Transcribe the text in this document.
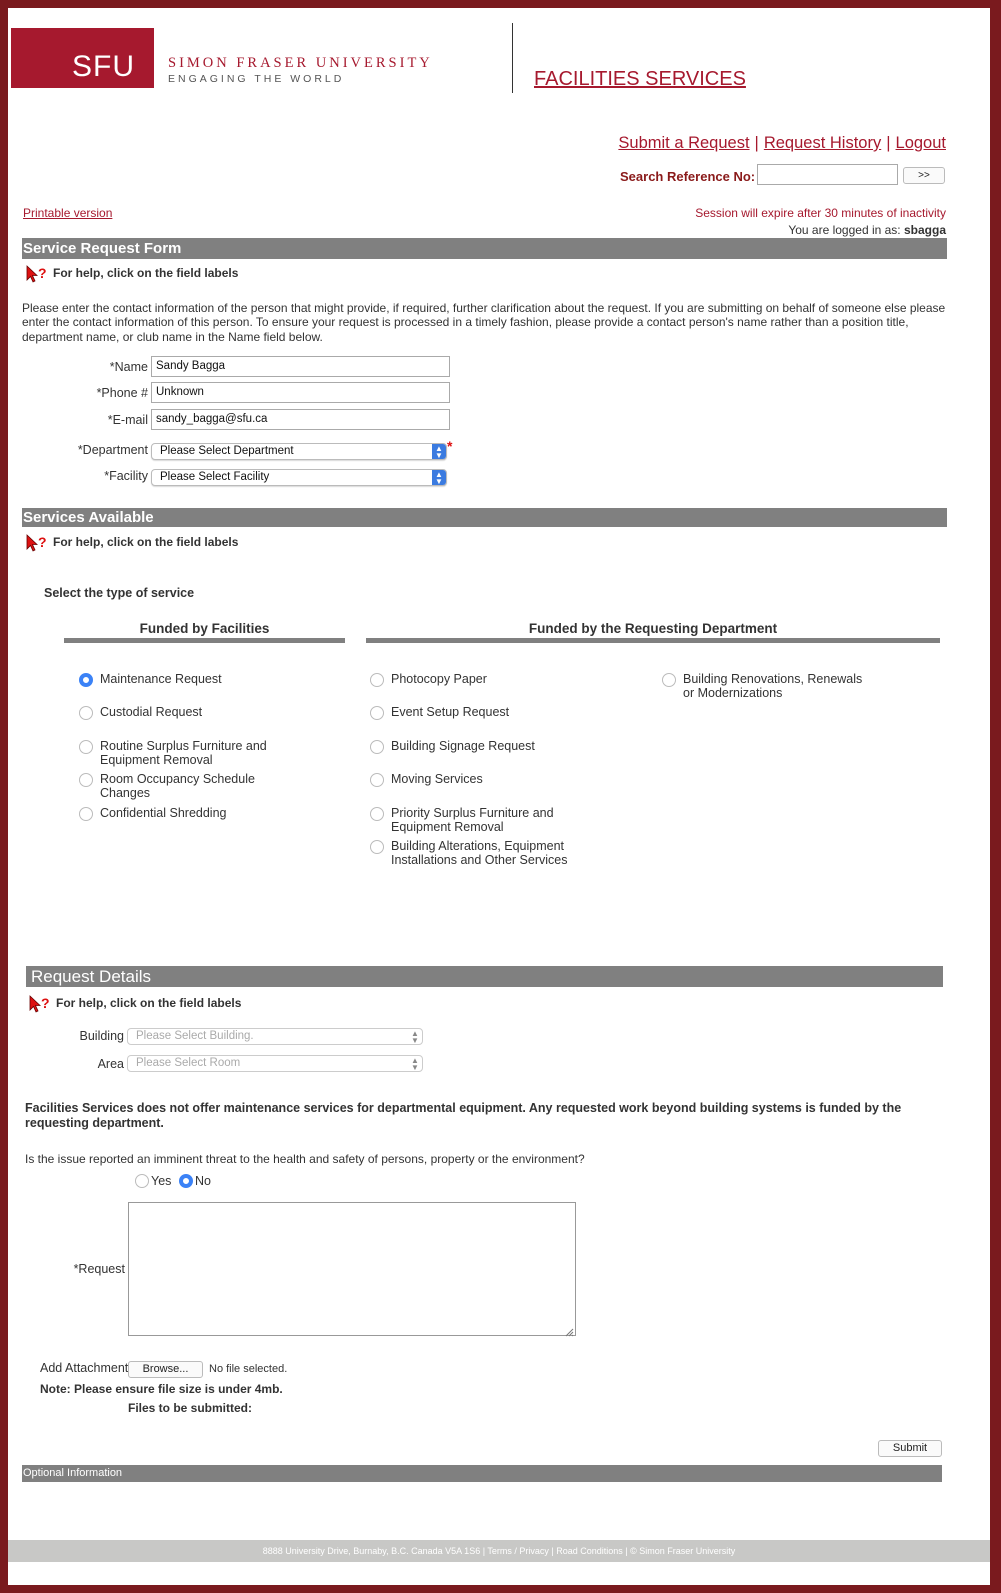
SFU SIMON FRASER UNIVERSITY
ENGAGING THE WORLD	FACILITIES SERVICES
Submit a Request | Request History | Logout
Search Reference No:	>>
Printable version	Session will expire after 30 minutes of inactivity
You are logged in as: sbagga
Service Request Form
? For help, click on the field labels
Please enter the contact information of the person that might provide, if required, further clarification about the request. If you are submitting on behalf of someone else please enter the contact information of this person. To ensure your request is processed in a timely fashion, please provide a contact person's name rather than a position title, department name, or club name in the Name field below.
*Name Sandy Bagga
*Phone # Unknown
*E-mail sandy_bagga@sfu.ca
*Department	Please Select Department	▲
▼
*
*Facility	Please Select Facility	▲
▼
Services Available
? For help, click on the field labels
Select the type of service
Funded by Facilities	Funded by the Requesting Department
Maintenance Request
Custodial Request
Routine Surplus Furniture and Equipment Removal
Room Occupancy Schedule Changes
Confidential Shredding
Photocopy Paper
Event Setup Request
Building Signage Request
Moving Services
Priority Surplus Furniture and Equipment Removal
Building Alterations, Equipment Installations and Other Services
Building Renovations, Renewals or Modernizations
Request Details
? For help, click on the field labels
Building	Please Select Building.	▲
▼
Area	Please Select Room	▲
▼
Facilities Services does not offer maintenance services for departmental equipment. Any requested work beyond building systems is funded by the requesting department.
Is the issue reported an imminent threat to the health and safety of persons, property or the environment?
Yes	No
*Request
Add Attachment	Browse...	No file selected.
Note: Please ensure file size is under 4mb.
Files to be submitted:
Submit
Optional Information
8888 University Drive, Burnaby, B.C. Canada V5A 1S6 | Terms / Privacy | Road Conditions | © Simon Fraser University
